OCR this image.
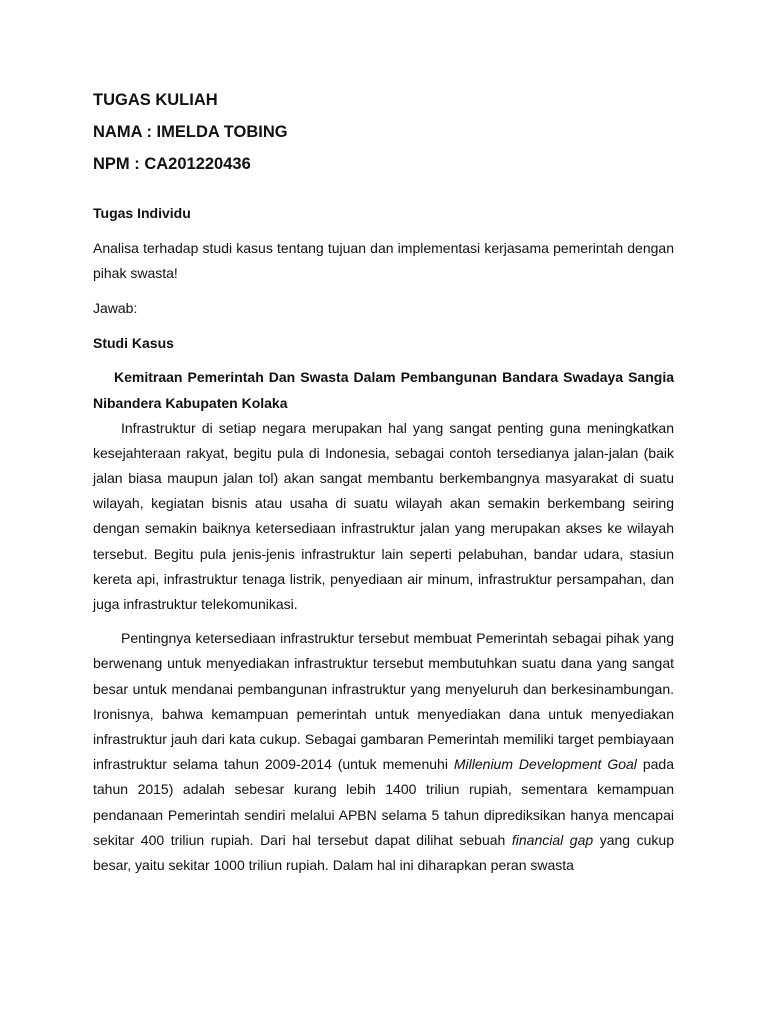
TUGAS KULIAH

NAMA : IMELDA TOBING

NPM : CA201220436

Tugas Individu

Analisa terhadap studi kasus tentang tujuan dan implementasi kerjasama pemerintah dengan pihak swasta!

Jawab:

Studi Kasus

Kemitraan Pemerintah Dan Swasta Dalam Pembangunan Bandara Swadaya Sangia Nibandera Kabupaten Kolaka

Infrastruktur di setiap negara merupakan hal yang sangat penting guna meningkatkan kesejahteraan rakyat, begitu pula di Indonesia, sebagai contoh tersedianya jalan-jalan (baik jalan biasa maupun jalan tol) akan sangat membantu berkembangnya masyarakat di suatu wilayah, kegiatan bisnis atau usaha di suatu wilayah akan semakin berkembang seiring dengan semakin baiknya ketersediaan infrastruktur jalan yang merupakan akses ke wilayah tersebut. Begitu pula jenis-jenis infrastruktur lain seperti pelabuhan, bandar udara, stasiun kereta api, infrastruktur tenaga listrik, penyediaan air minum, infrastruktur persampahan, dan juga infrastruktur telekomunikasi.

Pentingnya ketersediaan infrastruktur tersebut membuat Pemerintah sebagai pihak yang berwenang untuk menyediakan infrastruktur tersebut membutuhkan suatu dana yang sangat besar untuk mendanai pembangunan infrastruktur yang menyeluruh dan berkesinambungan. Ironisnya, bahwa kemampuan pemerintah untuk menyediakan dana untuk menyediakan infrastruktur jauh dari kata cukup. Sebagai gambaran Pemerintah memiliki target pembiayaan infrastruktur selama tahun 2009-2014 (untuk memenuhi Millenium Development Goal pada tahun 2015) adalah sebesar kurang lebih 1400 triliun rupiah, sementara kemampuan pendanaan Pemerintah sendiri melalui APBN selama 5 tahun diprediksikan hanya mencapai sekitar 400 triliun rupiah. Dari hal tersebut dapat dilihat sebuah financial gap yang cukup besar, yaitu sekitar 1000 triliun rupiah. Dalam hal ini diharapkan peran swasta
